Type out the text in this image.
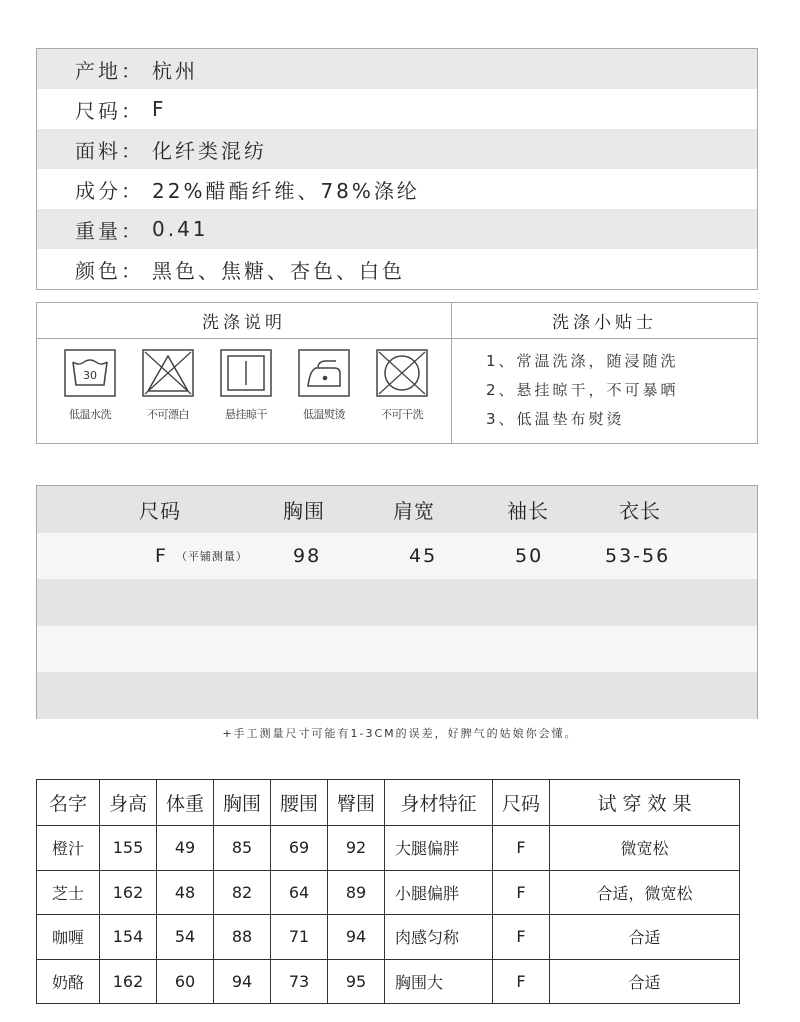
产地： 杭州
尺码： F
面料： 化纤类混纺
成分： 22%醋酯纤维、78%涤纶
重量： 0.41
颜色： 黑色、焦糖、杏色、白色
洗涤说明
30
低温水洗	不可漂白	悬挂晾干	低温熨烫	不可干洗
洗涤小贴士
1、常温洗涤，随浸随洗
2、悬挂晾干，不可暴晒
3、低温垫布熨烫
尺码	胸围	肩宽	袖长	衣长
F （平铺测量） 98	45	50	53-56
+手工测量尺寸可能有1-3CM的误差，好脾气的姑娘你会懂。
名字	身高	体重	胸围	腰围	臀围	身材特征	尺码	试 穿 效 果
橙汁	155	49	85	69	92	大腿偏胖	F	微宽松
芝士	162	48	82	64	89	小腿偏胖	F	合适，微宽松
咖喱	154	54	88	71	94	肉感匀称	F	合适
奶酪	162	60	94	73	95	胸围大	F	合适
